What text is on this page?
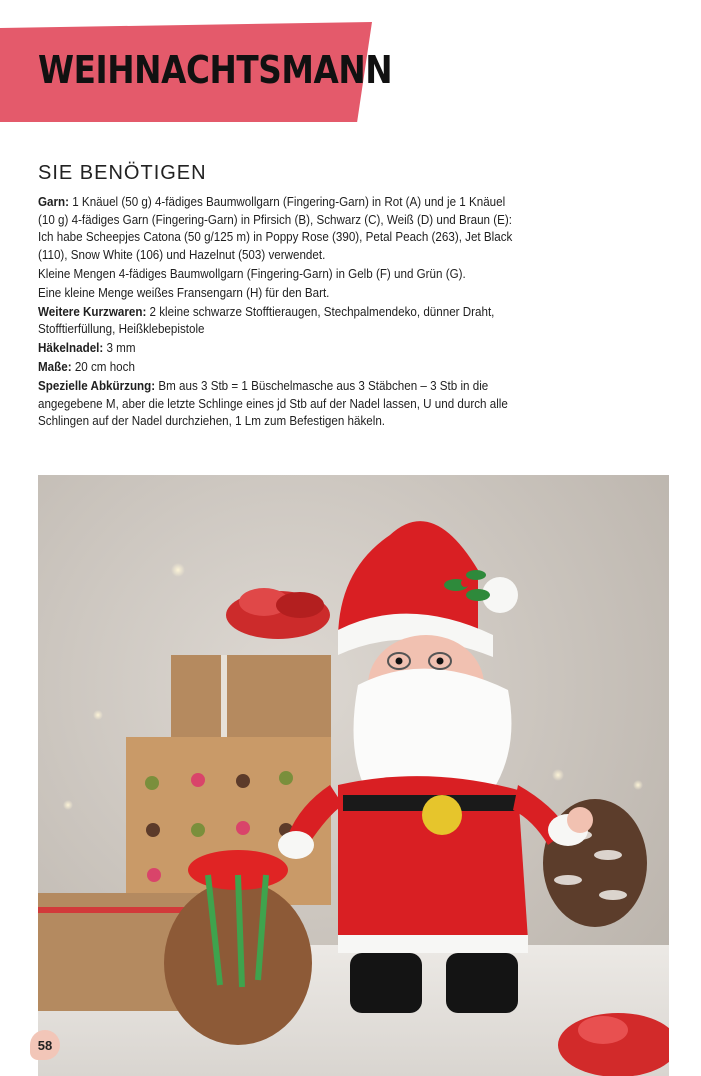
WEIHNACHTSMANN
SIE BENÖTIGEN

Garn: 1 Knäuel (50 g) 4-fädiges Baumwollgarn (Fingering-Garn) in Rot (A) und je 1 Knäuel (10 g) 4-fädiges Garn (Fingering-Garn) in Pfirsich (B), Schwarz (C), Weiß (D) und Braun (E): Ich habe Scheepjes Catona (50 g/125 m) in Poppy Rose (390), Petal Peach (263), Jet Black (110), Snow White (106) und Hazelnut (503) verwendet.

Kleine Mengen 4-fädiges Baumwollgarn (Fingering-Garn) in Gelb (F) und Grün (G).

Eine kleine Menge weißes Fransengarn (H) für den Bart.

Weitere Kurzwaren: 2 kleine schwarze Stofftieraugen, Stechpalmendeko, dünner Draht, Stofftierfüllung, Heißklebepistole

Häkelnadel: 3 mm

Maße: 20 cm hoch

Spezielle Abkürzung: Bm aus 3 Stb = 1 Büschelmasche aus 3 Stäbchen – 3 Stb in die angegebene M, aber die letzte Schlinge eines jd Stb auf der Nadel lassen, U und durch alle Schlingen auf der Nadel durchziehen, 1 Lm zum Befestigen häkeln.

58
